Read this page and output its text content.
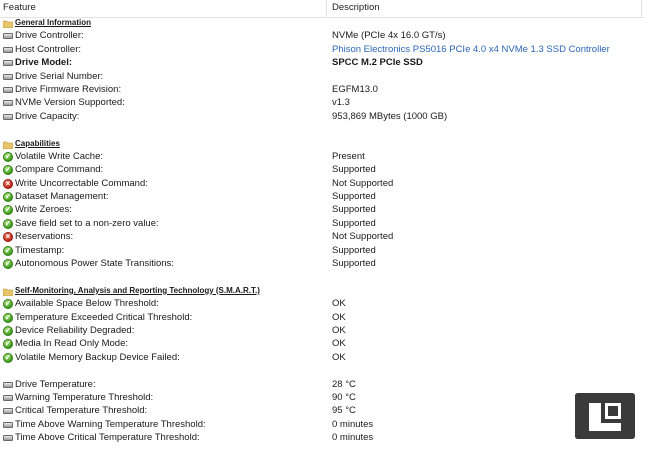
Feature	Description
General Information
Drive Controller:	NVMe (PCIe 4x 16.0 GT/s)
Host Controller:	Phison Electronics PS5016 PCIe 4.0 x4 NVMe 1.3 SSD Controller
Drive Model:	SPCC M.2 PCIe SSD
Drive Serial Number:
Drive Firmware Revision:	EGFM13.0
NVMe Version Supported:	v1.3
Drive Capacity:	953,869 MBytes (1000 GB)
Capabilities
✓ Volatile Write Cache:	Present
✓ Compare Command:	Supported
× Write Uncorrectable Command:	Not Supported
✓ Dataset Management:	Supported
✓ Write Zeroes:	Supported
✓ Save field set to a non-zero value:	Supported
× Reservations:	Not Supported
✓ Timestamp:	Supported
✓ Autonomous Power State Transitions:	Supported
Self-Monitoring, Analysis and Reporting Technology (S.M.A.R.T.)
✓ Available Space Below Threshold:	OK
✓ Temperature Exceeded Critical Threshold:	OK
✓ Device Reliability Degraded:	OK
✓ Media In Read Only Mode:	OK
✓ Volatile Memory Backup Device Failed:	OK
Drive Temperature:	28 °C
Warning Temperature Threshold:	90 °C
Critical Temperature Threshold:	95 °C
Time Above Warning Temperature Threshold:	0 minutes
Time Above Critical Temperature Threshold:	0 minutes
